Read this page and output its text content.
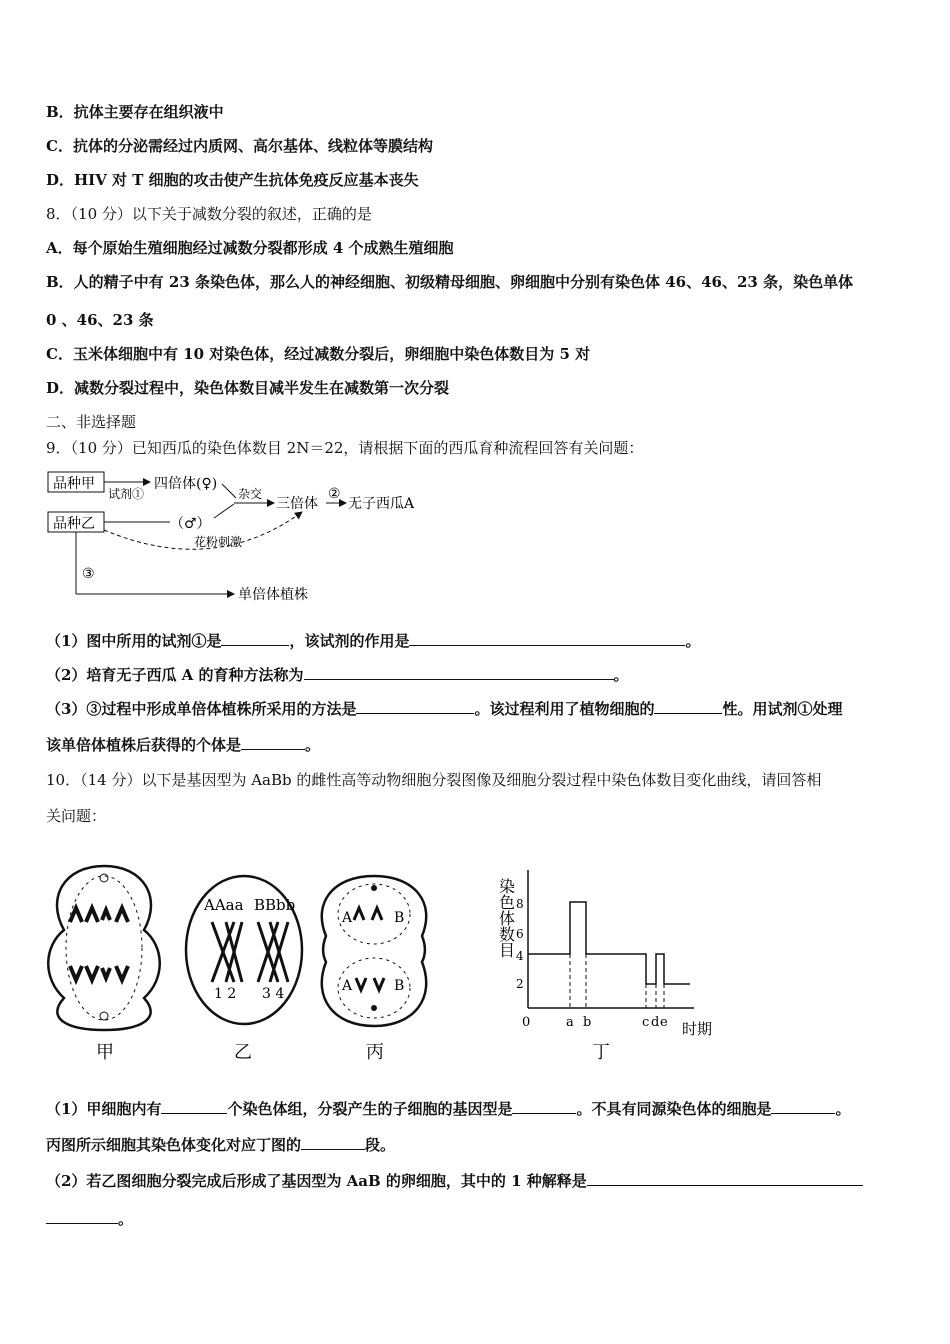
B．抗体主要存在组织液中
C．抗体的分泌需经过内质网、高尔基体、线粒体等膜结构
D．HIV 对 T 细胞的攻击使产生抗体免疫反应基本丧失
8．（10 分）以下关于减数分裂的叙述，正确的是
A．每个原始生殖细胞经过减数分裂都形成 4 个成熟生殖细胞
B．人的精子中有 23 条染色体，那么人的神经细胞、初级精母细胞、卵细胞中分别有染色体 46、46、23 条，染色单体
0 、46、23 条
C．玉米体细胞中有 10 对染色体，经过减数分裂后，卵细胞中染色体数目为 5 对
D．减数分裂过程中，染色体数目减半发生在减数第一次分裂
二、非选择题
9．（10 分）已知西瓜的染色体数目 2N＝22，请根据下面的西瓜育种流程回答有关问题：
品种甲
品种乙
试剂①
四倍体(♀)
杂交
（♂）
三倍体
②
无子西瓜A
花粉刺激
③
单倍体植株
（1）图中所用的试剂①是	，该试剂的作用是	。
（2）培育无子西瓜 A 的育种方法称为	。
（3）③过程中形成单倍体植株所采用的方法是	。该过程利用了植物细胞的	性。用试剂①处理
该单倍体植株后获得的个体是	。
10．（14 分）以下是基因型为 AaBb 的雌性高等动物细胞分裂图像及细胞分裂过程中染色体数目变化曲线，请回答相
关问题：
甲
AAaa BBbb
1 2 3 4
乙
A	B
A	B
丙
染色体数目 8
6
4
2
0	a b	c d e 时期
丁
（1）甲细胞内有	个染色体组，分裂产生的子细胞的基因型是	。不具有同源染色体的细胞是	。
丙图所示细胞其染色体变化对应丁图的	段。
（2）若乙图细胞分裂完成后形成了基因型为 AaB 的卵细胞，其中的 1 种解释是
。
